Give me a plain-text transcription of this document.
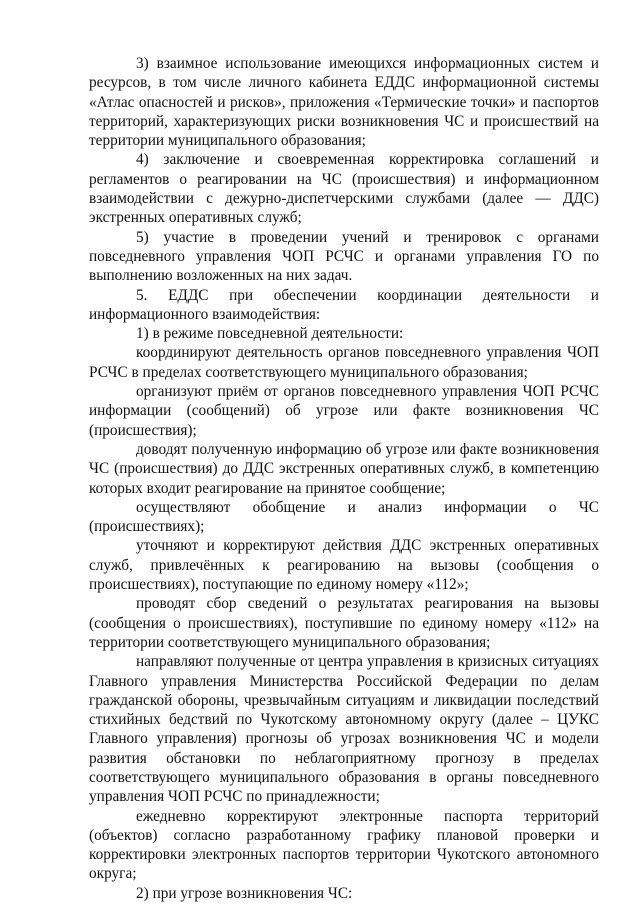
3) взаимное использование имеющихся информационных систем и ресурсов, в том числе личного кабинета ЕДДС информационной системы «Атлас опасностей и рисков», приложения «Термические точки» и паспортов территорий, характеризующих риски возникновения ЧС и происшествий на территории муниципального образования;

4) заключение и своевременная корректировка соглашений и регламентов о реагировании на ЧС (происшествия) и информационном взаимодействии с дежурно-диспетчерскими службами (далее — ДДС) экстренных оперативных служб;

5) участие в проведении учений и тренировок с органами повседневного управления ЧОП РСЧС и органами управления ГО по выполнению возложенных на них задач.

5. ЕДДС при обеспечении координации деятельности и информационного взаимодействия:

1) в режиме повседневной деятельности:

координируют деятельность органов повседневного управления ЧОП РСЧС в пределах соответствующего муниципального образования;

организуют приём от органов повседневного управления ЧОП РСЧС информации (сообщений) об угрозе или факте возникновения ЧС (происшествия);

доводят полученную информацию об угрозе или факте возникновения ЧС (происшествия) до ДДС экстренных оперативных служб, в компетенцию которых входит реагирование на принятое сообщение;

осуществляют обобщение и анализ информации о ЧС (происшествиях);

уточняют и корректируют действия ДДС экстренных оперативных служб, привлечённых к реагированию на вызовы (сообщения о происшествиях), поступающие по единому номеру «112»;

проводят сбор сведений о результатах реагирования на вызовы (сообщения о происшествиях), поступившие по единому номеру «112» на территории соответствующего муниципального образования;

направляют полученные от центра управления в кризисных ситуациях Главного управления Министерства Российской Федерации по делам гражданской обороны, чрезвычайным ситуациям и ликвидации последствий стихийных бедствий по Чукотскому автономному округу (далее – ЦУКС Главного управления) прогнозы об угрозах возникновения ЧС и модели развития обстановки по неблагоприятному прогнозу в пределах соответствующего муниципального образования в органы повседневного управления ЧОП РСЧС по принадлежности;

ежедневно корректируют электронные паспорта территорий (объектов) согласно разработанному графику плановой проверки и корректировки электронных паспортов территории Чукотского автономного округа;

2) при угрозе возникновения ЧС:
